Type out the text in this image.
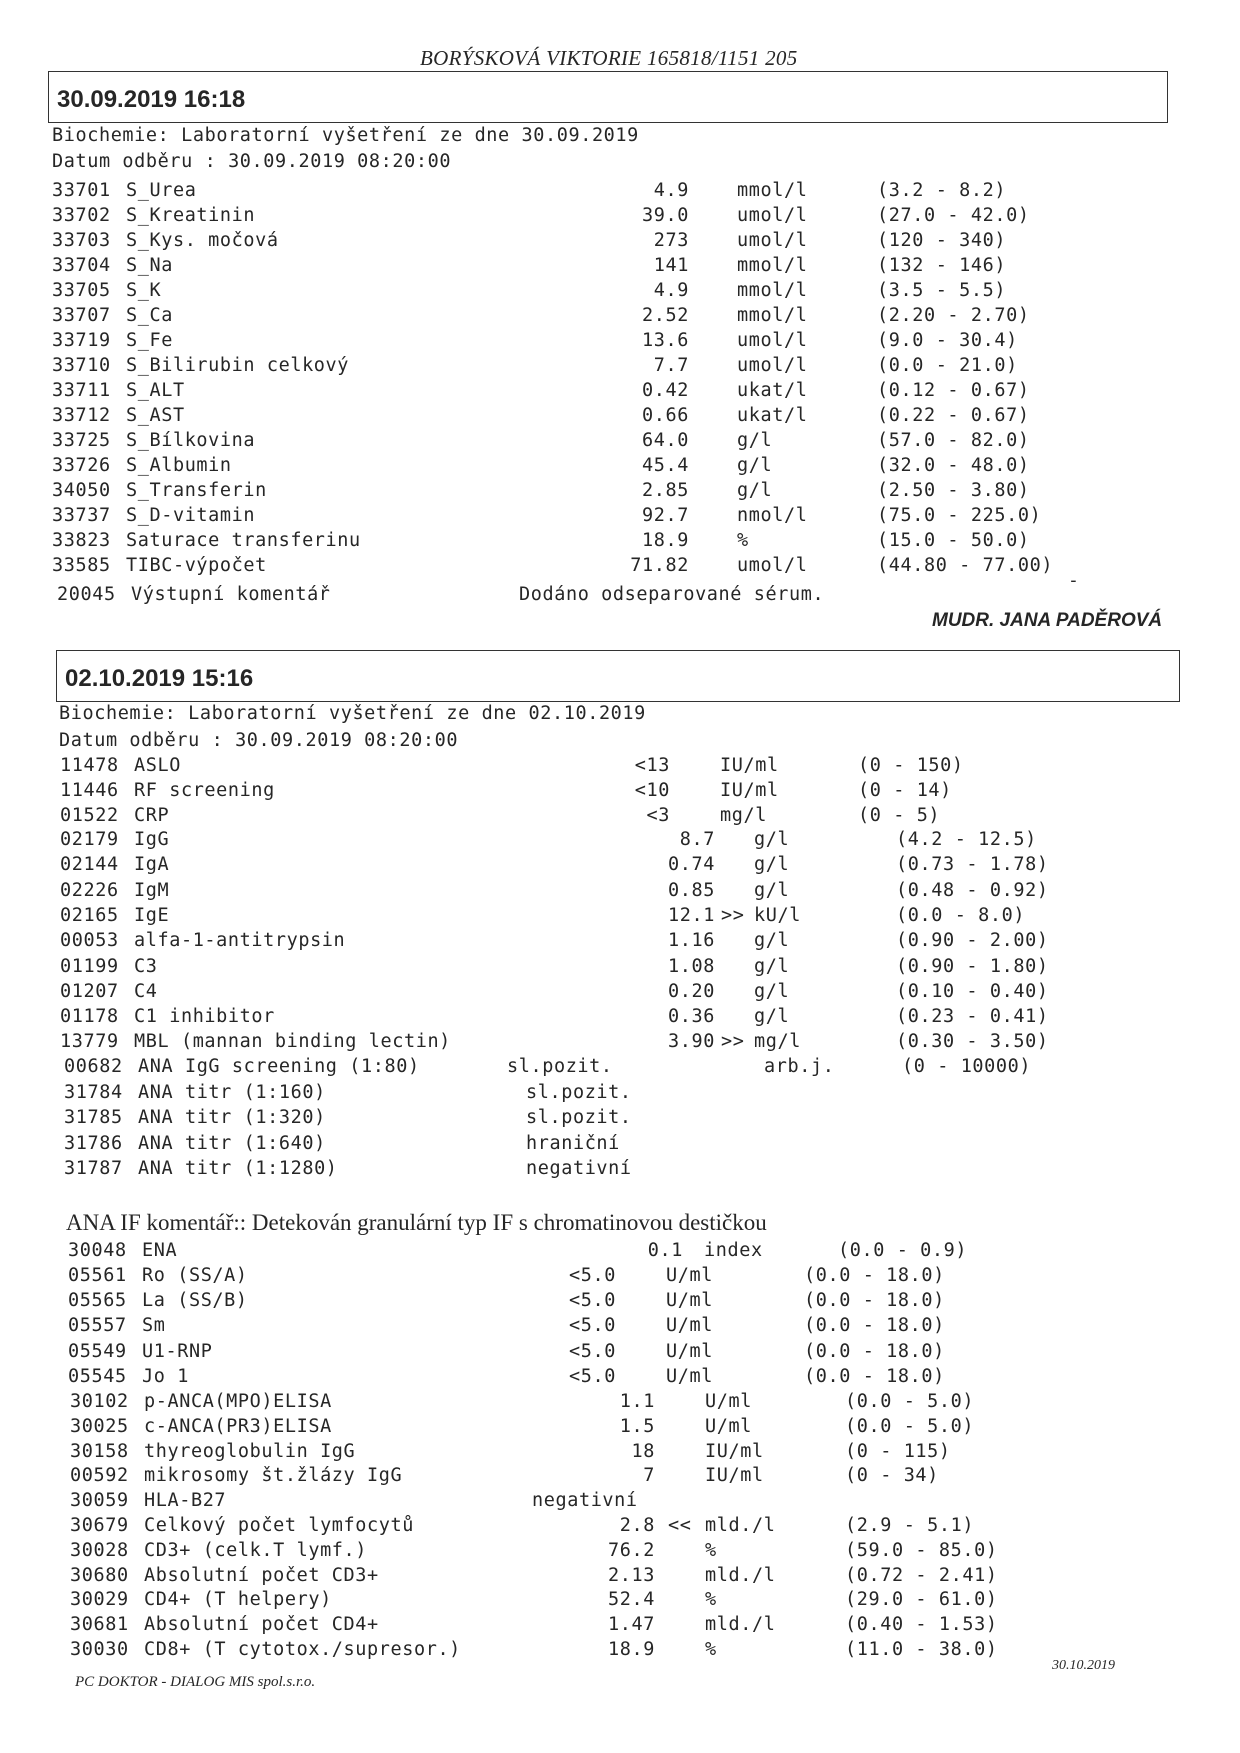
BORÝSKOVÁ VIKTORIE 165818/1151 205
30.09.2019 16:18
Biochemie: Laboratorní vyšetření ze dne 30.09.2019
Datum odběru : 30.09.2019 08:20:00
33701 S_Urea	4.9	mmol/l	(3.2 - 8.2)
33702 S_Kreatinin	39.0	umol/l	(27.0 - 42.0)
33703 S_Kys. močová	273	umol/l	(120 - 340)
33704 S_Na	141	mmol/l	(132 - 146)
33705 S_K	4.9	mmol/l	(3.5 - 5.5)
33707 S_Ca	2.52	mmol/l	(2.20 - 2.70)
33719 S_Fe	13.6	umol/l	(9.0 - 30.4)
33710 S_Bilirubin celkový	7.7	umol/l	(0.0 - 21.0)
33711 S_ALT	0.42	ukat/l	(0.12 - 0.67)
33712 S_AST	0.66	ukat/l	(0.22 - 0.67)
33725 S_Bílkovina	64.0	g/l	(57.0 - 82.0)
33726 S_Albumin	45.4	g/l	(32.0 - 48.0)
34050 S_Transferin	2.85	g/l	(2.50 - 3.80)
33737 S_D-vitamin	92.7	nmol/l	(75.0 - 225.0)
33823 Saturace transferinu	18.9	%	(15.0 - 50.0)
33585 TIBC-výpočet	71.82	umol/l	(44.80 - 77.00)
20045 Výstupní komentář	Dodáno odseparované sérum.
-
MUDR. JANA PADĚROVÁ
02.10.2019 15:16
Biochemie: Laboratorní vyšetření ze dne 02.10.2019
Datum odběru : 30.09.2019 08:20:00
11478 ASLO	<13	IU/ml	(0 - 150)
11446 RF screening	<10	IU/ml	(0 - 14)
01522 CRP	<3	mg/l	(0 - 5)
02179 IgG	8.7 g/l	(4.2 - 12.5)
02144 IgA	0.74 g/l	(0.73 - 1.78)
02226 IgM	0.85 g/l	(0.48 - 0.92)
02165 IgE	12.1 >> kU/l	(0.0 - 8.0)
00053 alfa-1-antitrypsin	1.16 g/l	(0.90 - 2.00)
01199 C3	1.08 g/l	(0.90 - 1.80)
01207 C4	0.20 g/l	(0.10 - 0.40)
01178 C1 inhibitor	0.36 g/l	(0.23 - 0.41)
13779 MBL (mannan binding lectin)	3.90 >> mg/l	(0.30 - 3.50)
00682 ANA IgG screening (1:80)	sl.pozit.	arb.j.	(0 - 10000)
31784 ANA titr (1:160)	sl.pozit.
31785 ANA titr (1:320)	sl.pozit.
31786 ANA titr (1:640)	hraniční
31787 ANA titr (1:1280)	negativní
30048 ENA	0.1 index	(0.0 - 0.9)
05561 Ro (SS/A)	<5.0	U/ml	(0.0 - 18.0)
05565 La (SS/B)	<5.0	U/ml	(0.0 - 18.0)
05557 Sm	<5.0	U/ml	(0.0 - 18.0)
05549 U1-RNP	<5.0	U/ml	(0.0 - 18.0)
05545 Jo 1	<5.0	U/ml	(0.0 - 18.0)
30102 p-ANCA(MPO)ELISA	1.1	U/ml	(0.0 - 5.0)
30025 c-ANCA(PR3)ELISA	1.5	U/ml	(0.0 - 5.0)
30158 thyreoglobulin IgG	18	IU/ml	(0 - 115)
00592 mikrosomy št.žlázy IgG	7	IU/ml	(0 - 34)
30059 HLA-B27	negativní
30679 Celkový počet lymfocytů	2.8 << mld./l	(2.9 - 5.1)
30028 CD3+ (celk.T lymf.)	76.2	%	(59.0 - 85.0)
30680 Absolutní počet CD3+	2.13	mld./l	(0.72 - 2.41)
30029 CD4+ (T helpery)	52.4	%	(29.0 - 61.0)
30681 Absolutní počet CD4+	1.47	mld./l	(0.40 - 1.53)
30030 CD8+ (T cytotox./supresor.)	18.9	%	(11.0 - 38.0)
ANA IF komentář:: Detekován granulární typ IF s chromatinovou destičkou
PC DOKTOR - DIALOG MIS spol.s.r.o.
30.10.2019
